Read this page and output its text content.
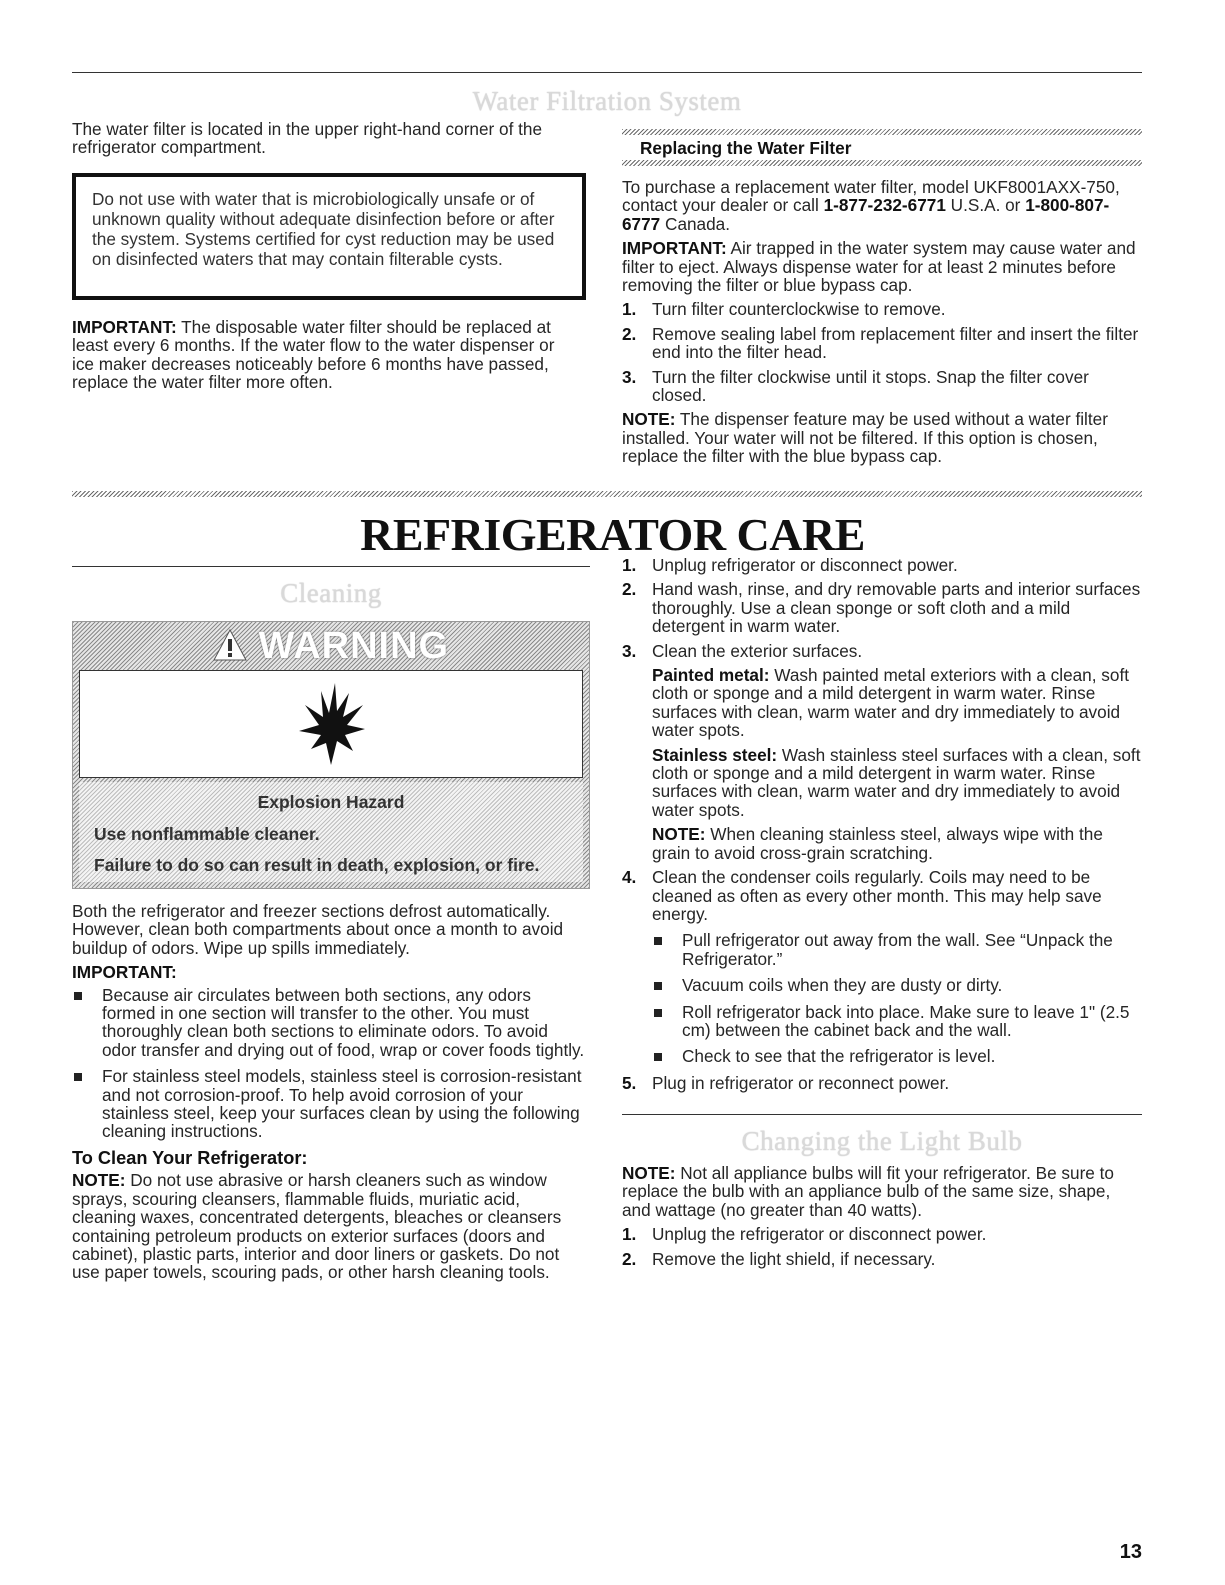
Water Filtration System

The water filter is located in the upper right-hand corner of the refrigerator compartment.

Do not use with water that is microbiologically unsafe or of unknown quality without adequate disinfection before or after the system. Systems certified for cyst reduction may be used on disinfected waters that may contain filterable cysts.

IMPORTANT: The disposable water filter should be replaced at least every 6 months. If the water flow to the water dispenser or ice maker decreases noticeably before 6 months have passed, replace the water filter more often.

Replacing the Water Filter

To purchase a replacement water filter, model UKF8001AXX-750, contact your dealer or call 1-877-232-6771 U.S.A. or 1-800-807-6777 Canada.

IMPORTANT: Air trapped in the water system may cause water and filter to eject. Always dispense water for at least 2 minutes before removing the filter or blue bypass cap.

1. Turn filter counterclockwise to remove.
2. Remove sealing label from replacement filter and insert the filter end into the filter head.
3. Turn the filter clockwise until it stops. Snap the filter cover closed.

NOTE: The dispenser feature may be used without a water filter installed. Your water will not be filtered. If this option is chosen, replace the filter with the blue bypass cap.

REFRIGERATOR CARE
Cleaning
WARNING
Explosion Hazard
Use nonflammable cleaner.
Failure to do so can result in death, explosion, or fire.

Both the refrigerator and freezer sections defrost automatically. However, clean both compartments about once a month to avoid buildup of odors. Wipe up spills immediately.

IMPORTANT:
Because air circulates between both sections, any odors formed in one section will transfer to the other. You must thoroughly clean both sections to eliminate odors. To avoid odor transfer and drying out of food, wrap or cover foods tightly.
For stainless steel models, stainless steel is corrosion-resistant and not corrosion-proof. To help avoid corrosion of your stainless steel, keep your surfaces clean by using the following cleaning instructions.
To Clean Your Refrigerator:

NOTE: Do not use abrasive or harsh cleaners such as window sprays, scouring cleansers, flammable fluids, muriatic acid, cleaning waxes, concentrated detergents, bleaches or cleansers containing petroleum products on exterior surfaces (doors and cabinet), plastic parts, interior and door liners or gaskets. Do not use paper towels, scouring pads, or other harsh cleaning tools.

1. Unplug refrigerator or disconnect power.
2. Hand wash, rinse, and dry removable parts and interior surfaces thoroughly. Use a clean sponge or soft cloth and a mild detergent in warm water.
3. Clean the exterior surfaces.

Painted metal: Wash painted metal exteriors with a clean, soft cloth or sponge and a mild detergent in warm water. Rinse surfaces with clean, warm water and dry immediately to avoid water spots.

Stainless steel: Wash stainless steel surfaces with a clean, soft cloth or sponge and a mild detergent in warm water. Rinse surfaces with clean, warm water and dry immediately to avoid water spots.

NOTE: When cleaning stainless steel, always wipe with the grain to avoid cross-grain scratching.

4. Clean the condenser coils regularly. Coils may need to be cleaned as often as every other month. This may help save energy.
Pull refrigerator out away from the wall. See “Unpack the Refrigerator.”
Vacuum coils when they are dusty or dirty.
Roll refrigerator back into place. Make sure to leave 1" (2.5 cm) between the cabinet back and the wall.
Check to see that the refrigerator is level.
5. Plug in refrigerator or reconnect power.
Changing the Light Bulb

NOTE: Not all appliance bulbs will fit your refrigerator. Be sure to replace the bulb with an appliance bulb of the same size, shape, and wattage (no greater than 40 watts).

1. Unplug the refrigerator or disconnect power.
2. Remove the light shield, if necessary.
13
